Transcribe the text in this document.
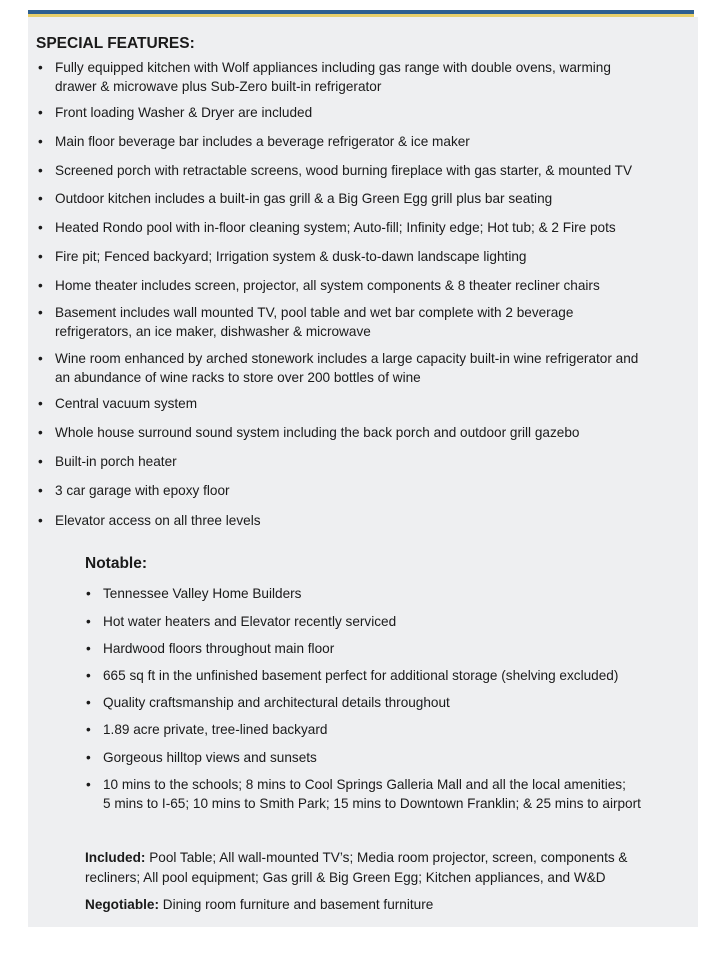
SPECIAL FEATURES:
• Fully equipped kitchen with Wolf appliances including gas range with double ovens, warming
drawer & microwave plus Sub-Zero built-in refrigerator
• Front loading Washer & Dryer are included
• Main floor beverage bar includes a beverage refrigerator & ice maker
• Screened porch with retractable screens, wood burning fireplace with gas starter, & mounted TV
• Outdoor kitchen includes a built-in gas grill & a Big Green Egg grill plus bar seating
• Heated Rondo pool with in-floor cleaning system; Auto-fill; Infinity edge; Hot tub; & 2 Fire pots
• Fire pit; Fenced backyard; Irrigation system & dusk-to-dawn landscape lighting
• Home theater includes screen, projector, all system components & 8 theater recliner chairs
• Basement includes wall mounted TV, pool table and wet bar complete with 2 beverage
refrigerators, an ice maker, dishwasher & microwave
• Wine room enhanced by arched stonework includes a large capacity built-in wine refrigerator and
an abundance of wine racks to store over 200 bottles of wine
• Central vacuum system
• Whole house surround sound system including the back porch and outdoor grill gazebo
• Built-in porch heater
• 3 car garage with epoxy floor
• Elevator access on all three levels
Notable:
• Tennessee Valley Home Builders
• Hot water heaters and Elevator recently serviced
• Hardwood floors throughout main floor
• 665 sq ft in the unfinished basement perfect for additional storage (shelving excluded)
• Quality craftsmanship and architectural details throughout
• 1.89 acre private, tree-lined backyard
• Gorgeous hilltop views and sunsets
• 10 mins to the schools; 8 mins to Cool Springs Galleria Mall and all the local amenities;
5 mins to I-65; 10 mins to Smith Park; 15 mins to Downtown Franklin; & 25 mins to airport
Included: Pool Table; All wall-mounted TV’s; Media room projector, screen, components &
recliners; All pool equipment; Gas grill & Big Green Egg; Kitchen appliances, and W&D
Negotiable: Dining room furniture and basement furniture
